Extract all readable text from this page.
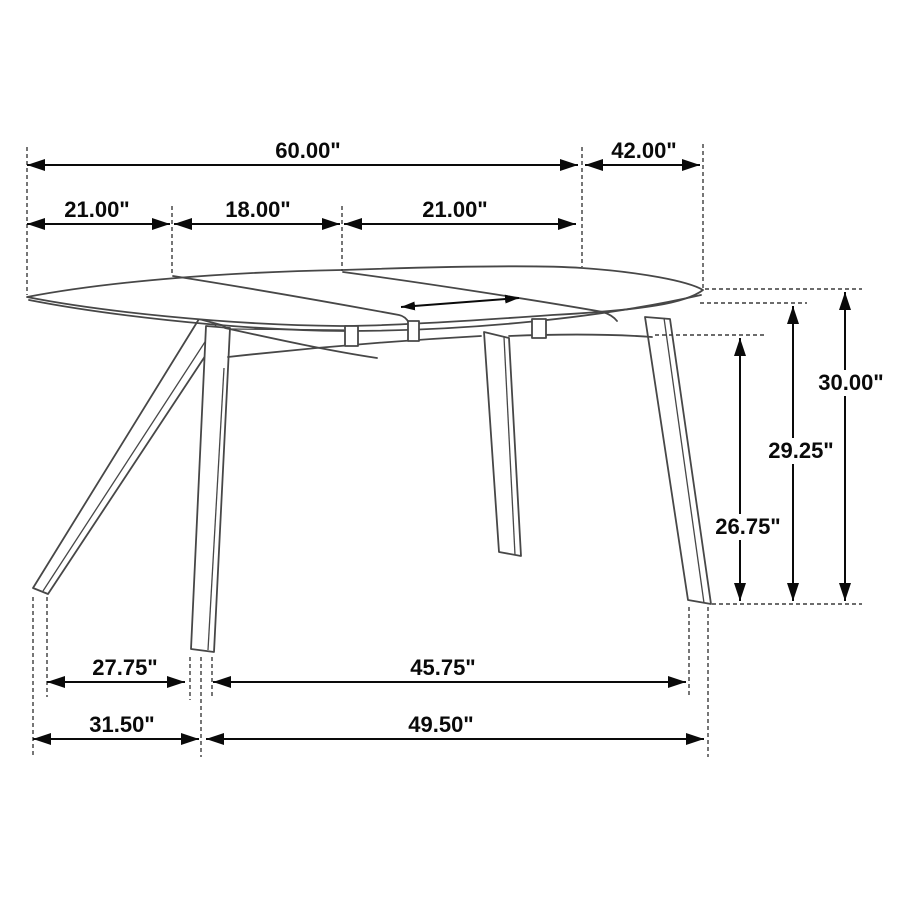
60.00"	42.00"
21.00"	18.00"	21.00"
27.75"	45.75"
31.50"	49.50"
26.75"
29.25"
30.00"
